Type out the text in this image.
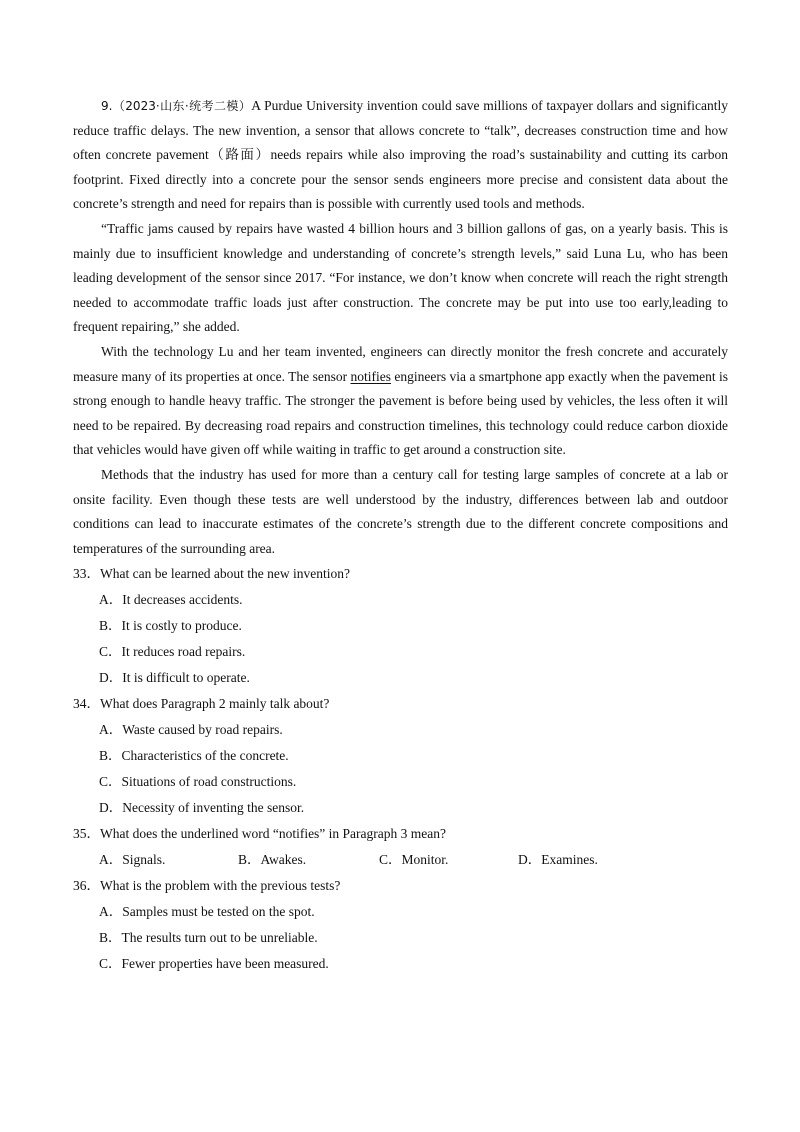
9.（2023·山东·统考二模）A Purdue University invention could save millions of taxpayer dollars and significantly reduce traffic delays. The new invention, a sensor that allows concrete to “talk”, decreases construction time and how often concrete pavement（路面）needs repairs while also improving the road’s sustainability and cutting its carbon footprint. Fixed directly into a concrete pour the sensor sends engineers more precise and consistent data about the concrete’s strength and need for repairs than is possible with currently used tools and methods.

“Traffic jams caused by repairs have wasted 4 billion hours and 3 billion gallons of gas, on a yearly basis. This is mainly due to insufficient knowledge and understanding of concrete’s strength levels,” said Luna Lu, who has been leading development of the sensor since 2017. “For instance, we don’t know when concrete will reach the right strength needed to accommodate traffic loads just after construction. The concrete may be put into use too early,leading to frequent repairing,” she added.

With the technology Lu and her team invented, engineers can directly monitor the fresh concrete and accurately measure many of its properties at once. The sensor notifies engineers via a smartphone app exactly when the pavement is strong enough to handle heavy traffic. The stronger the pavement is before being used by vehicles, the less often it will need to be repaired. By decreasing road repairs and construction timelines, this technology could reduce carbon dioxide that vehicles would have given off while waiting in traffic to get around a construction site.

Methods that the industry has used for more than a century call for testing large samples of concrete at a lab or onsite facility. Even though these tests are well understood by the industry, differences between lab and outdoor conditions can lead to inaccurate estimates of the concrete’s strength due to the different concrete compositions and temperatures of the surrounding area.

33．What can be learned about the new invention?

A．It decreases accidents.

B．It is costly to produce.

C．It reduces road repairs.

D．It is difficult to operate.

34．What does Paragraph 2 mainly talk about?

A．Waste caused by road repairs.

B．Characteristics of the concrete.

C．Situations of road constructions.

D．Necessity of inventing the sensor.

35．What does the underlined word “notifies” in Paragraph 3 mean?

A．Signals.	B．Awakes.	C．Monitor.	D．Examines.

36．What is the problem with the previous tests?

A．Samples must be tested on the spot.

B．The results turn out to be unreliable.

C．Fewer properties have been measured.
